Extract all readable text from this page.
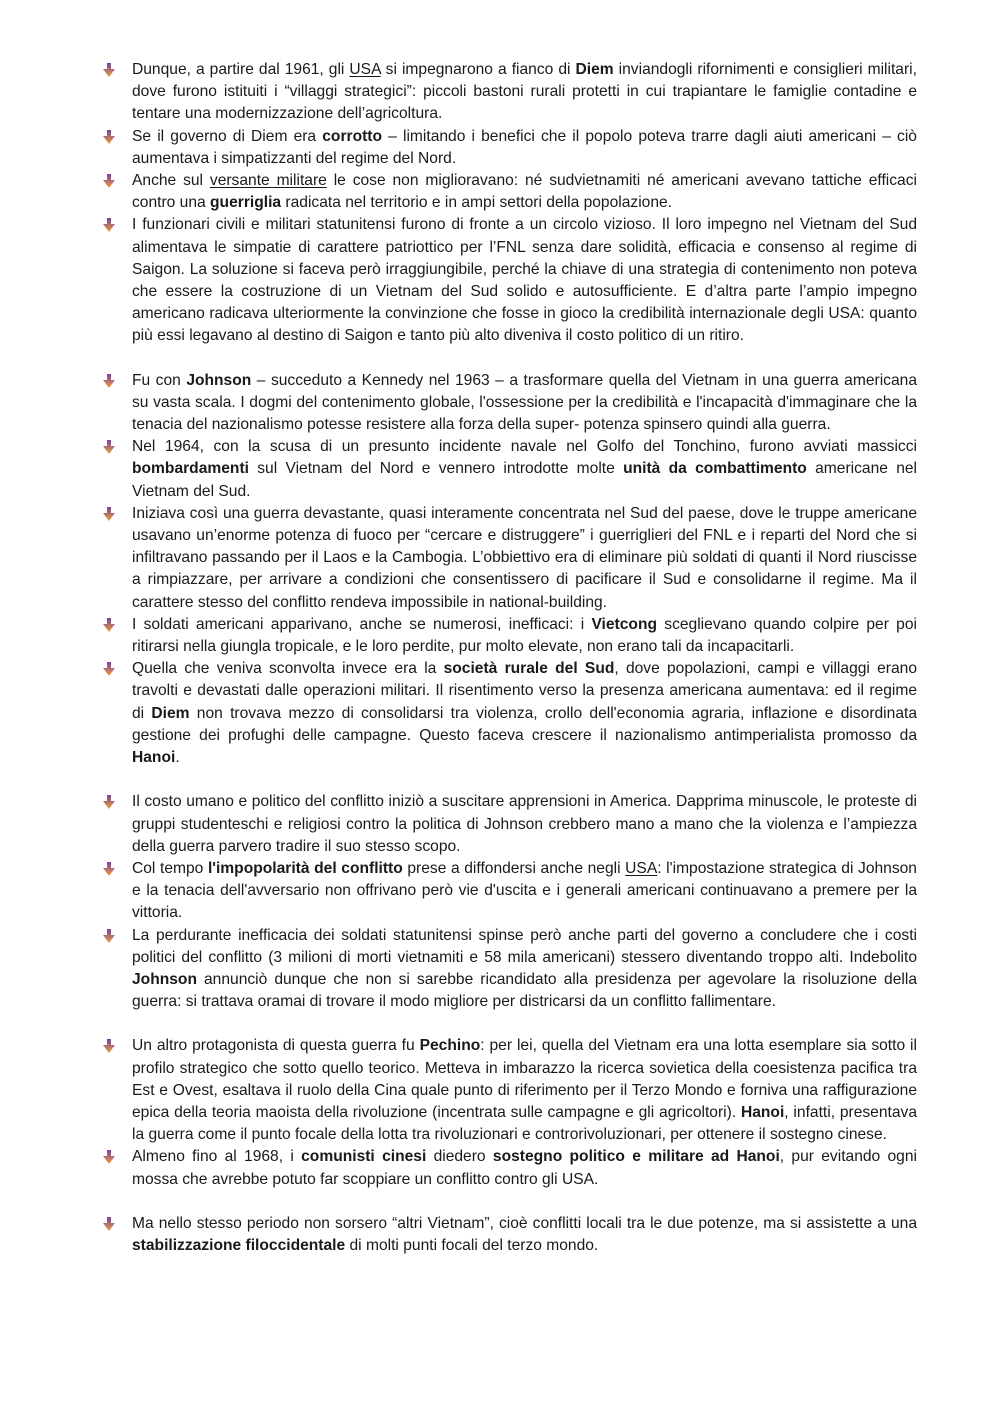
Dunque, a partire dal 1961, gli USA si impegnarono a fianco di Diem inviandogli rifornimenti e consiglieri militari, dove furono istituiti i “villaggi strategici”: piccoli bastoni rurali protetti in cui trapiantare le famiglie contadine e tentare una modernizzazione dell’agricoltura.

Se il governo di Diem era corrotto – limitando i benefici che il popolo poteva trarre dagli aiuti americani – ciò aumentava i simpatizzanti del regime del Nord.

Anche sul versante militare le cose non miglioravano: né sudvietnamiti né americani avevano tattiche efficaci contro una guerriglia radicata nel territorio e in ampi settori della popolazione.

I funzionari civili e militari statunitensi furono di fronte a un circolo vizioso. Il loro impegno nel Vietnam del Sud alimentava le simpatie di carattere patriottico per l’FNL senza dare solidità, efficacia e consenso al regime di Saigon. La soluzione si faceva però irraggiungibile, perché la chiave di una strategia di contenimento non poteva che essere la costruzione di un Vietnam del Sud solido e autosufficiente. E d’altra parte l’ampio impegno americano radicava ulteriormente la convinzione che fosse in gioco la credibilità internazionale degli USA: quanto più essi legavano al destino di Saigon e tanto più alto diveniva il costo politico di un ritiro.

Fu con Johnson – succeduto a Kennedy nel 1963 – a trasformare quella del Vietnam in una guerra americana su vasta scala. I dogmi del contenimento globale, l'ossessione per la credibilità e l'incapacità d'immaginare che la tenacia del nazionalismo potesse resistere alla forza della super- potenza spinsero quindi alla guerra.

Nel 1964, con la scusa di un presunto incidente navale nel Golfo del Tonchino, furono avviati massicci bombardamenti sul Vietnam del Nord e vennero introdotte molte unità da combattimento americane nel Vietnam del Sud.

Iniziava così una guerra devastante, quasi interamente concentrata nel Sud del paese, dove le truppe americane usavano un’enorme potenza di fuoco per “cercare e distruggere” i guerriglieri del FNL e i reparti del Nord che si infiltravano passando per il Laos e la Cambogia. L’obbiettivo era di eliminare più soldati di quanti il Nord riuscisse a rimpiazzare, per arrivare a condizioni che consentissero di pacificare il Sud e consolidarne il regime. Ma il carattere stesso del conflitto rendeva impossibile in national-building.

I soldati americani apparivano, anche se numerosi, inefficaci: i Vietcong sceglievano quando colpire per poi ritirarsi nella giungla tropicale, e le loro perdite, pur molto elevate, non erano tali da incapacitarli.

Quella che veniva sconvolta invece era la società rurale del Sud, dove popolazioni, campi e villaggi erano travolti e devastati dalle operazioni militari. Il risentimento verso la presenza americana aumentava: ed il regime di Diem non trovava mezzo di consolidarsi tra violenza, crollo dell'economia agraria, inflazione e disordinata gestione dei profughi delle campagne. Questo faceva crescere il nazionalismo antimperialista promosso da Hanoi.

Il costo umano e politico del conflitto iniziò a suscitare apprensioni in America. Dapprima minuscole, le proteste di gruppi studenteschi e religiosi contro la politica di Johnson crebbero mano a mano che la violenza e l’ampiezza della guerra parvero tradire il suo stesso scopo.

Col tempo l'impopolarità del conflitto prese a diffondersi anche negli USA: l'impostazione strategica di Johnson e la tenacia dell'avversario non offrivano però vie d'uscita e i generali americani continuavano a premere per la vittoria.

La perdurante inefficacia dei soldati statunitensi spinse però anche parti del governo a concludere che i costi politici del conflitto (3 milioni di morti vietnamiti e 58 mila americani) stessero diventando troppo alti. Indebolito Johnson annunciò dunque che non si sarebbe ricandidato alla presidenza per agevolare la risoluzione della guerra: si trattava oramai di trovare il modo migliore per districarsi da un conflitto fallimentare.

Un altro protagonista di questa guerra fu Pechino: per lei, quella del Vietnam era una lotta esemplare sia sotto il profilo strategico che sotto quello teorico. Metteva in imbarazzo la ricerca sovietica della coesistenza pacifica tra Est e Ovest, esaltava il ruolo della Cina quale punto di riferimento per il Terzo Mondo e forniva una raffigurazione epica della teoria maoista della rivoluzione (incentrata sulle campagne e gli agricoltori). Hanoi, infatti, presentava la guerra come il punto focale della lotta tra rivoluzionari e controrivoluzionari, per ottenere il sostegno cinese.

Almeno fino al 1968, i comunisti cinesi diedero sostegno politico e militare ad Hanoi, pur evitando ogni mossa che avrebbe potuto far scoppiare un conflitto contro gli USA.

Ma nello stesso periodo non sorsero “altri Vietnam”, cioè conflitti locali tra le due potenze, ma si assistette a una stabilizzazione filoccidentale di molti punti focali del terzo mondo.
